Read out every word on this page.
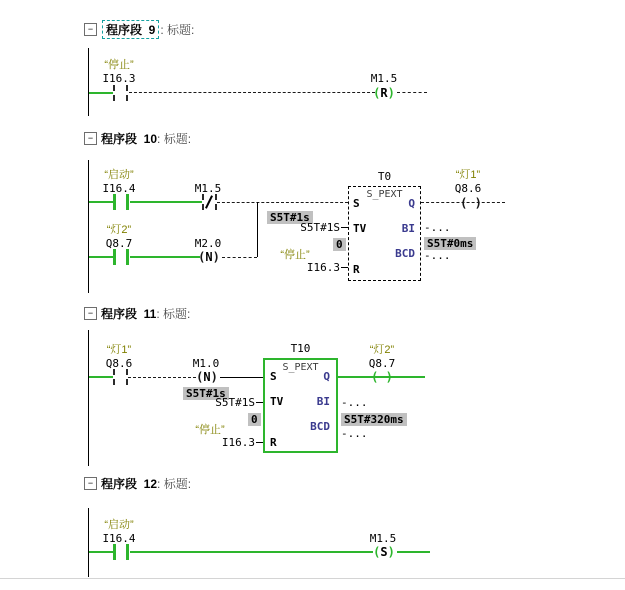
−	程序段  9 : 标题:
“停止”
I16.3	M1.5
( R )
− 程序段  10 : 标题:
“启动”
I16.4	M1.5
“灯2”
Q8.7	M2.0
( N )
T0
S_PEXT
S
TV
R
Q
BI
BCD
S5T#1s
S5T#1S
0
“停止”
I16.3
“灯1”
Q8.6
(
)
-...
S5T#0ms
-...
− 程序段  11 : 标题:
“灯1”
Q8.6	M1.0
( N )
T10
S_PEXT
S
TV
R
Q
BI
BCD
S5T#1s
S5T#1S
0
“停止”
I16.3
“灯2”
Q8.7
(
)
-...
S5T#320ms
-...
− 程序段  12 : 标题:
“启动”
I16.4	M1.5
( S )
